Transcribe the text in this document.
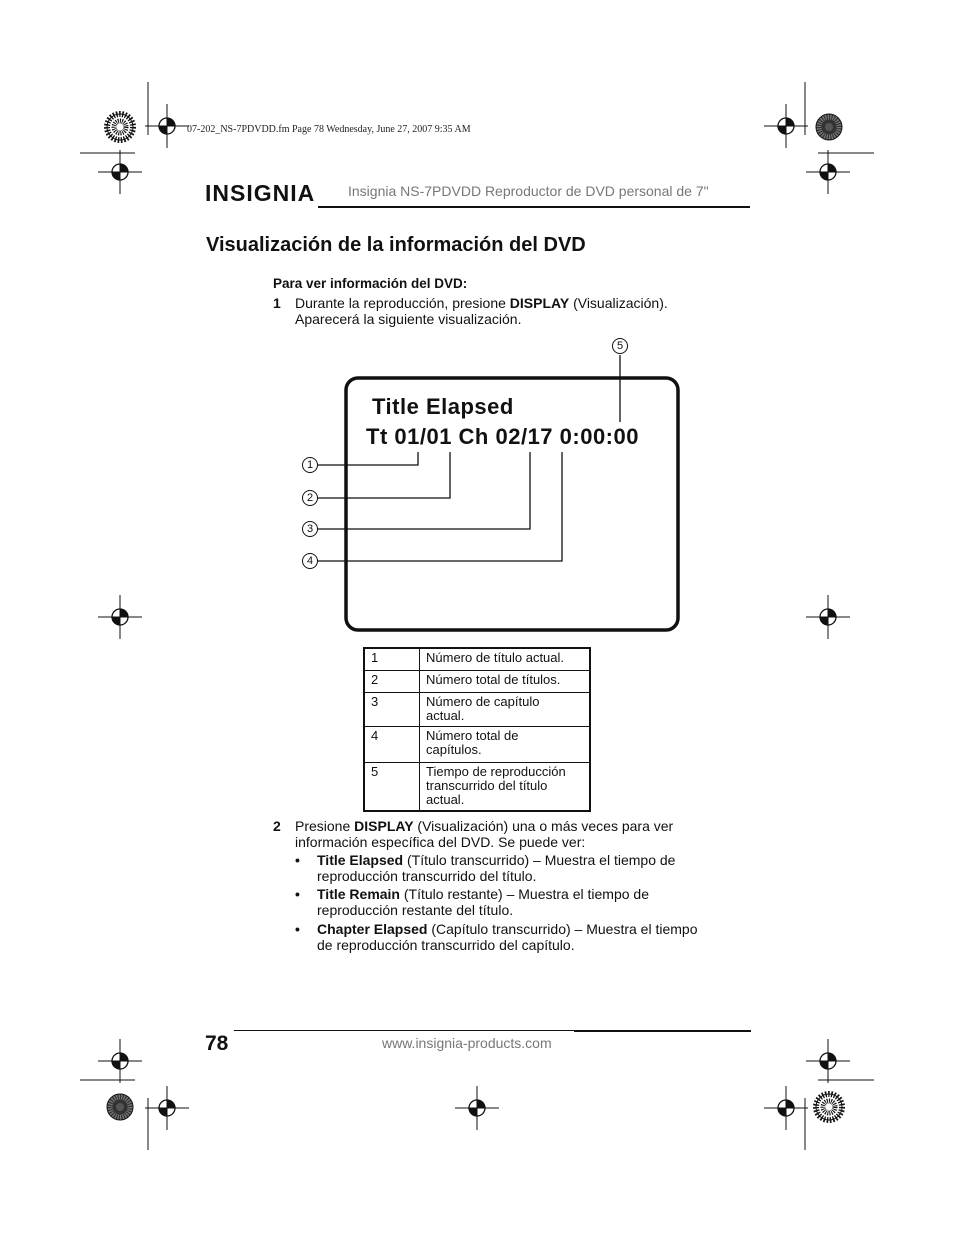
07-202_NS-7PDVDD.fm Page 78 Wednesday, June 27, 2007 9:35 AM
INSIGNIA Insignia NS-7PDVDD Reproductor de DVD personal de 7"
Visualización de la información del DVD
Para ver información del DVD:
1 Durante la reproducción, presione DISPLAY (Visualización).
Aparecerá la siguiente visualización.
Title Elapsed
Tt 01/01 Ch 02/17 0:00:00
1
2
3
4
5
1	Número de título actual.

2	Número total de títulos.

3	Número de capítulo
actual.

4	Número total de
capítulos.

5	Tiempo de reproducción
transcurrido del título
actual.
2 Presione DISPLAY (Visualización) una o más veces para ver
información específica del DVD. Se puede ver:
• Title Elapsed (Título transcurrido) – Muestra el tiempo de
reproducción transcurrido del título.
• Title Remain (Título restante) – Muestra el tiempo de
reproducción restante del título.
• Chapter Elapsed (Capítulo transcurrido) – Muestra el tiempo
de reproducción transcurrido del capítulo.
78	www.insignia-products.com
